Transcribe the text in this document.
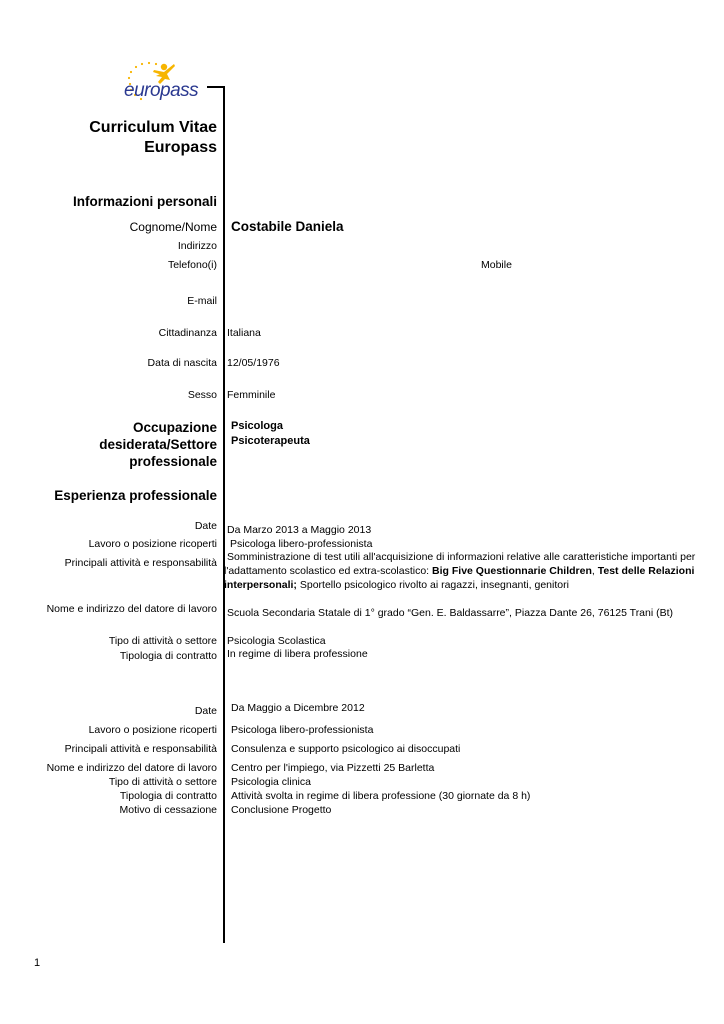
europass
Curriculum Vitae
Europass
Informazioni personali
Cognome/Nome Costabile Daniela
Indirizzo
Telefono(i)	Mobile
E-mail
Cittadinanza Italiana
Data di nascita 12/05/1976
Sesso Femminile
Occupazione
desiderata/Settore
professionale
Psicologa
Psicoterapeuta
Esperienza professionale
Date Da Marzo 2013 a Maggio 2013
Lavoro o posizione ricoperti Psicologa libero-professionista
Principali attività e responsabilità Somministrazione di test utili all'acquisizione di informazioni relative alle caratteristiche importanti per
l'adattamento scolastico ed extra-scolastico: Big Five Questionnarie Children, Test delle Relazioni
interpersonali; Sportello psicologico rivolto ai ragazzi, insegnanti, genitori
Nome e indirizzo del datore di lavoro Scuola Secondaria Statale di 1° grado “Gen. E. Baldassarre”, Piazza Dante 26, 76125 Trani (Bt)
Tipo di attività o settore Psicologia Scolastica
Tipologia di contratto In regime di libera professione
Date Da Maggio a Dicembre 2012
Lavoro o posizione ricoperti Psicologa libero-professionista
Principali attività e responsabilità Consulenza e supporto psicologico ai disoccupati
Nome e indirizzo del datore di lavoro Centro per l'impiego, via Pizzetti 25 Barletta
Tipo di attività o settore Psicologia clinica
Tipologia di contratto Attività svolta in regime di libera professione (30 giornate da 8 h)
Motivo di cessazione Conclusione Progetto
1
